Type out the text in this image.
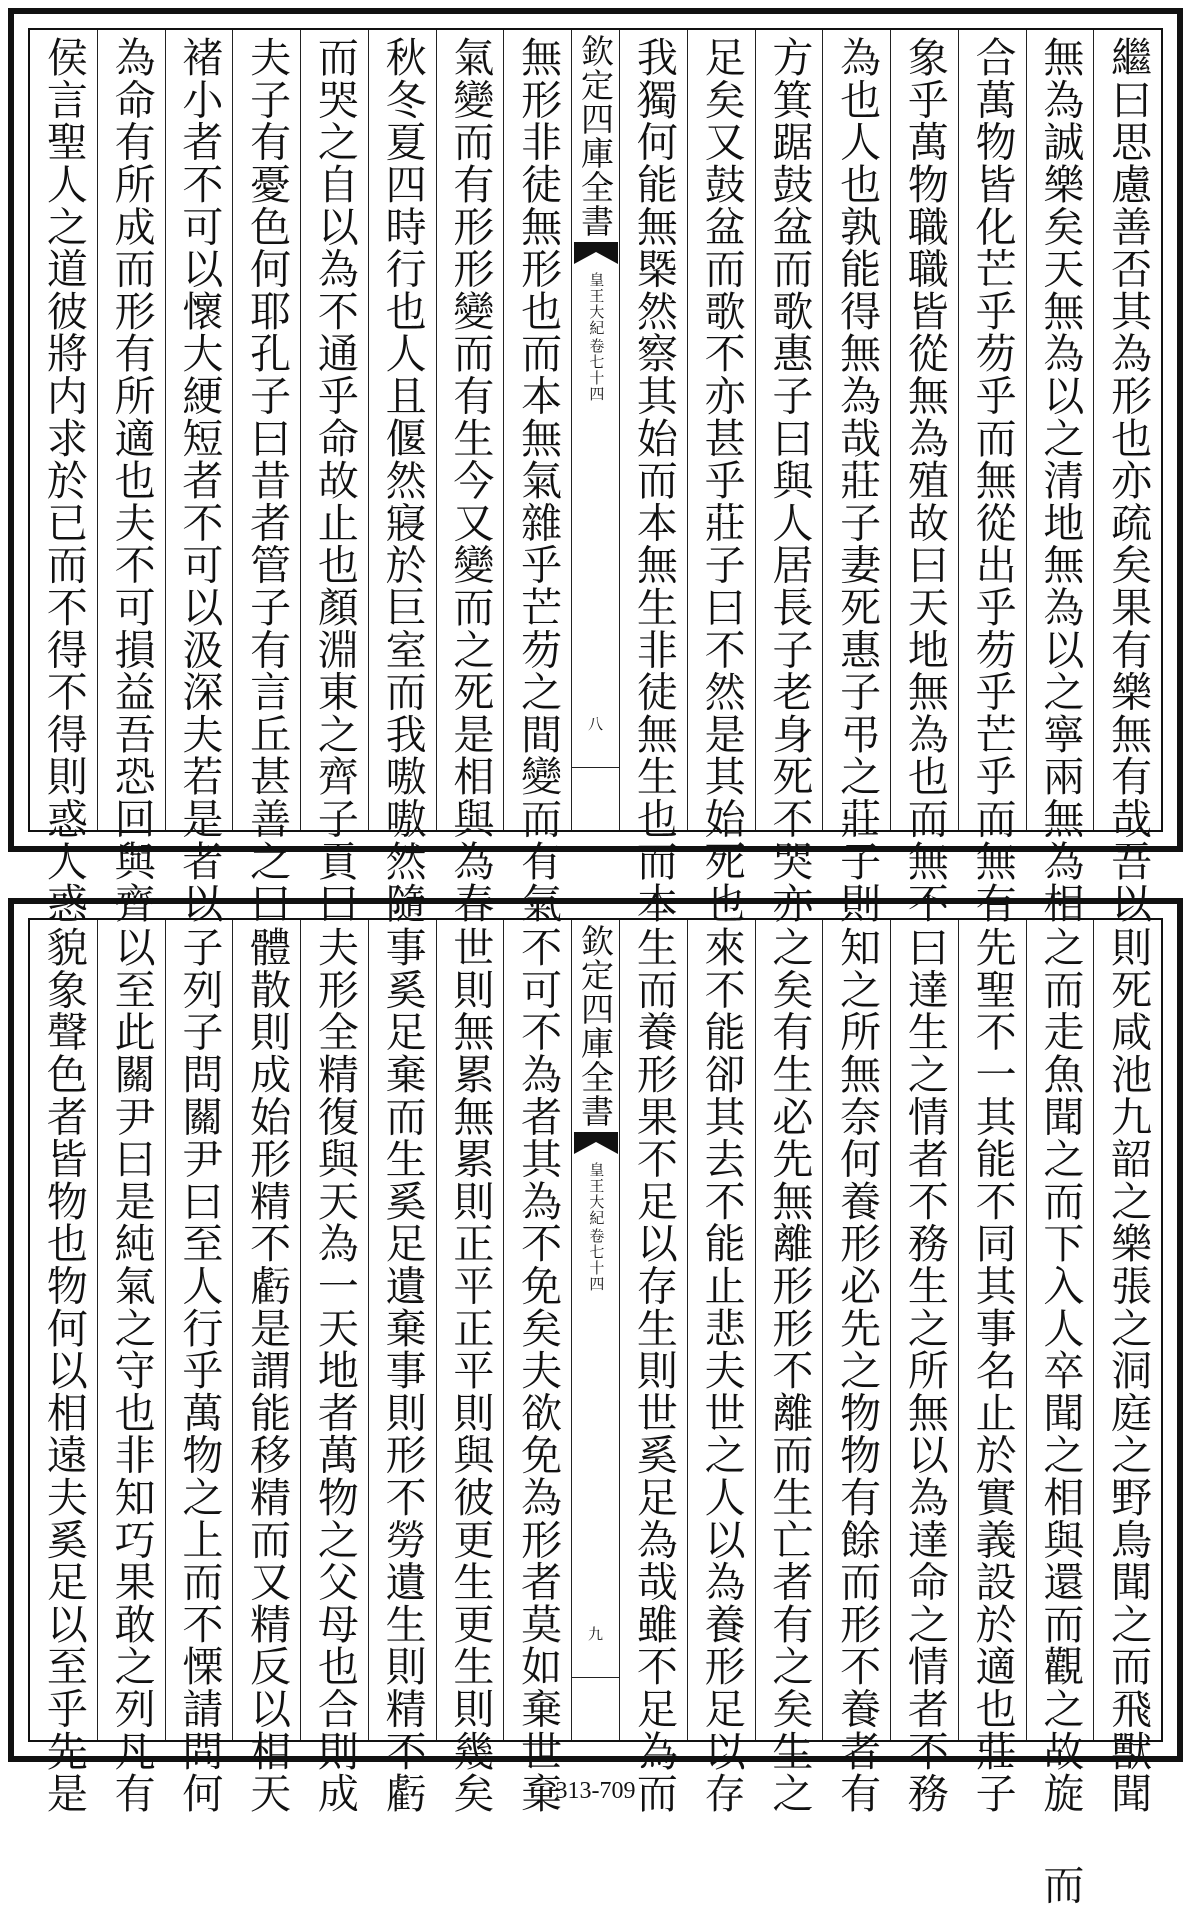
繼曰思慮善否其為形也亦疏矣果有樂無有哉吾以
無為誠樂矣天無為以之清地無為以之寧兩無為相
合萬物皆化芒乎芴乎而無從出乎芴乎芒乎而無有
象乎萬物職職皆從無為殖故曰天地無為也而無不
為也人也孰能得無為哉莊子妻死惠子弔之莊子則
方箕踞鼓盆而歌惠子曰與人居長子老身死不哭亦
足矣又鼓盆而歌不亦甚乎莊子曰不然是其始死也
我獨何能無槩然察其始而本無生非徒無生也而本
欽定四庫全書
皇王大紀
卷七十四
八
無形非徒無形也而本無氣雜乎芒芴之間變而有氣
氣變而有形形變而有生今又變而之死是相與為春
秋冬夏四時行也人且偃然寢於巨室而我嗷嗷然隨
而哭之自以為不通乎命故止也顏淵東之齊子貢曰
夫子有憂色何耶孔子曰昔者管子有言丘甚善之曰
褚小者不可以懷大綆短者不可以汲深夫若是者以
為命有所成而形有所適也夫不可損益吾恐回與齊
侯言聖人之道彼將内求於已而不得不得則惑人惑
則死咸池九韶之樂張之洞庭之野鳥聞之而飛獸聞
之而走魚聞之而下入人卒聞之相與還而觀之故
旋 而
先聖不一其能不同其事名止於實義設於適也莊子
曰達生之情者不務生之所無以為達命之情者不務
知之所無奈何養形必先之物物有餘而形不養者有
之矣有生必先無離形形不離而生亡者有之矣生之
來不能卻其去不能止悲夫世之人以為養形足以存
生而養形果不足以存生則世奚足為哉雖不足為而
欽定四庫全書
皇王大紀
卷七十四
九
不可不為者其為不免矣夫欲免為形者莫如棄世棄
世則無累無累則正平正平則與彼更生更生則幾矣
事奚足棄而生奚足遺棄事則形不勞遺生則精不虧
夫形全精復與天為一天地者萬物之父母也合則成
體散則成始形精不虧是謂能移精而又精反以相天
子列子問關尹曰至人行乎萬物之上而不慄請問何
以至此關尹曰是純氣之守也非知巧果敢之列凡有
貌象聲色者皆物也物何以相遠夫奚足以至乎先是	313-709
